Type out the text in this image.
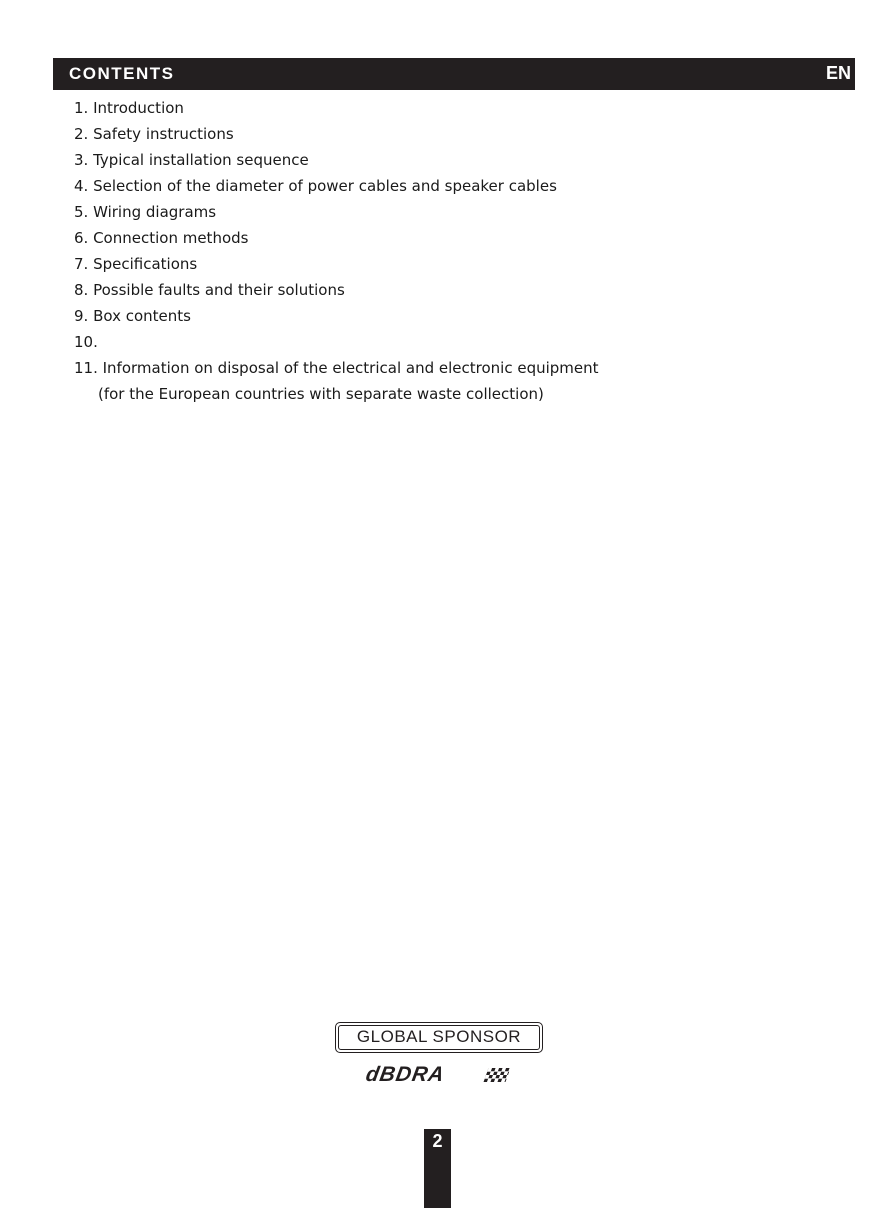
CONTENTS	EN
1. Introduction
2. Safety instructions
3. Typical installation sequence
4. Selection of the diameter of power cables and speaker cables
5. Wiring diagrams
6. Connection methods
7. Specifications
8. Possible faults and their solutions
9. Box contents
10.
11. Information on disposal of the electrical and electronic equipment
(for the European countries with separate waste collection)
GLOBAL SPONSOR
dBDRA
2
